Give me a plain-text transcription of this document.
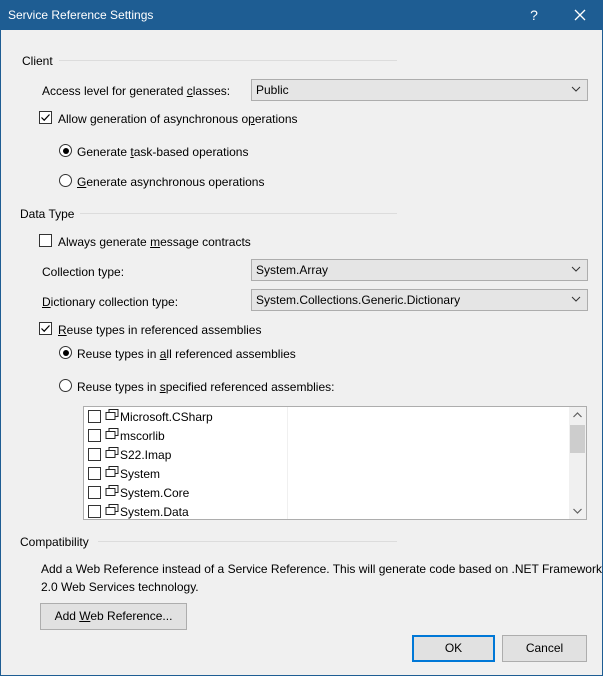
Service Reference Settings	?
Client
Access level for generated classes: Public
Allow generation of asynchronous operations
Generate task-based operations
Generate asynchronous operations
Data Type
Always generate message contracts
Collection type:	System.Array
Dictionary collection type:	System.Collections.Generic.Dictionary
Reuse types in referenced assemblies
Reuse types in all referenced assemblies
Reuse types in specified referenced assemblies:
Microsoft.CSharp
mscorlib
S22.Imap
System
System.Core
System.Data
Compatibility
Add a Web Reference instead of a Service Reference. This will generate code based on .NET Framework
2.0 Web Services technology.
Add Web Reference...
OK	Cancel
